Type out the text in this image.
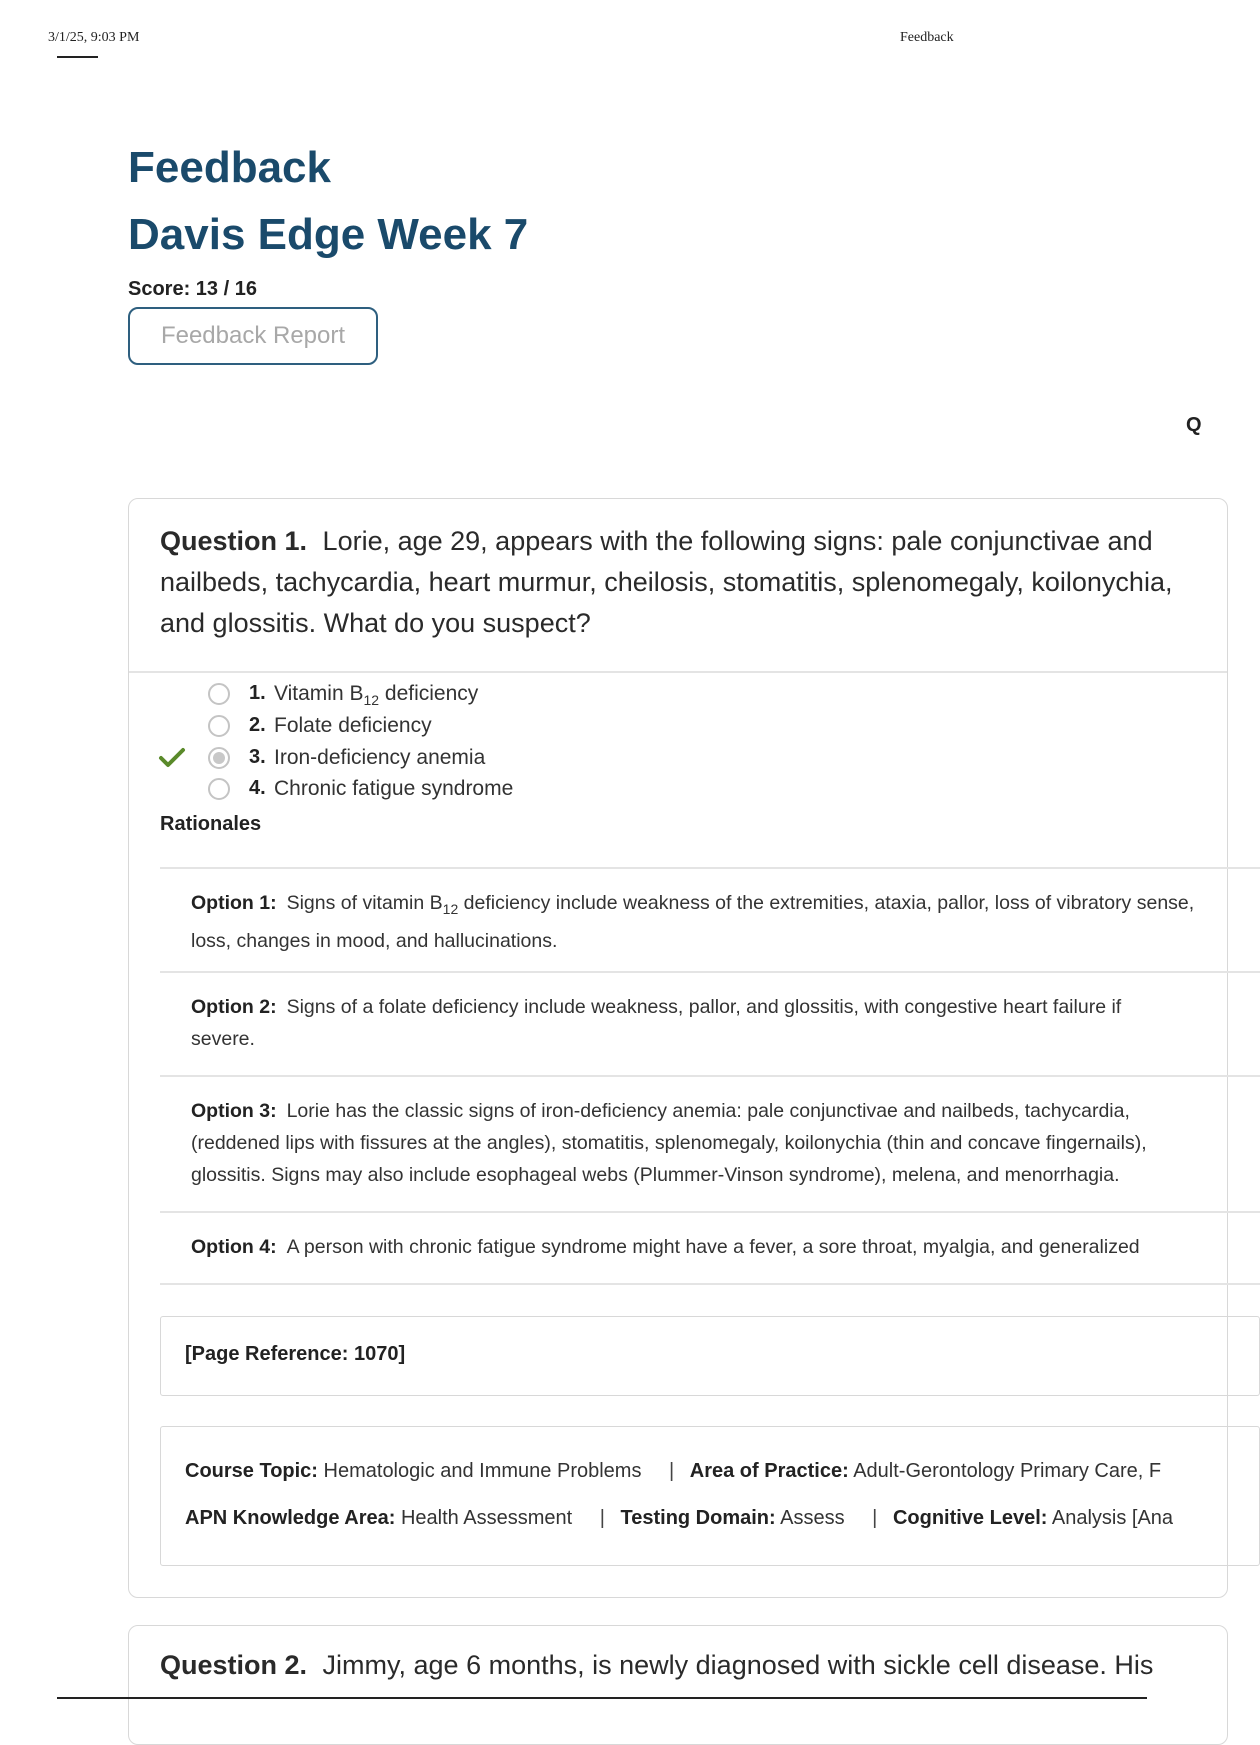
3/1/25, 9:03 PM	Feedback
Feedback
Davis Edge Week 7
Score: 13 / 16
Feedback Report
Q
Question 1. Lorie, age 29, appears with the following signs: pale conjunctivae and nailbeds, tachycardia, heart murmur, cheilosis, stomatitis, splenomegaly, koilonychia, and glossitis. What do you suspect?
1. Vitamin $B_{12}$ deficiency
2. Folate deficiency
3. Iron-deficiency anemia
4. Chronic fatigue syndrome
Rationales
Option 1: Signs of vitamin $B_{12}$ deficiency include weakness of the extremities, ataxia, pallor, loss of vibratory sense,
loss, changes in mood, and hallucinations.
Option 2: Signs of a folate deficiency include weakness, pallor, and glossitis, with congestive heart failure if
severe.
Option 3: Lorie has the classic signs of iron-deficiency anemia: pale conjunctivae and nailbeds, tachycardia,
(reddened lips with fissures at the angles), stomatitis, splenomegaly, koilonychia (thin and concave fingernails),
glossitis. Signs may also include esophageal webs (Plummer-Vinson syndrome), melena, and menorrhagia.
Option 4: A person with chronic fatigue syndrome might have a fever, a sore throat, myalgia, and generalized
[Page Reference: 1070]
Course Topic: Hematologic and Immune Problems | Area of Practice: Adult-Gerontology Primary Care, F
APN Knowledge Area: Health Assessment | Testing Domain: Assess | Cognitive Level: Analysis [Ana
Question 2. Jimmy, age 6 months, is newly diagnosed with sickle cell disease. His
